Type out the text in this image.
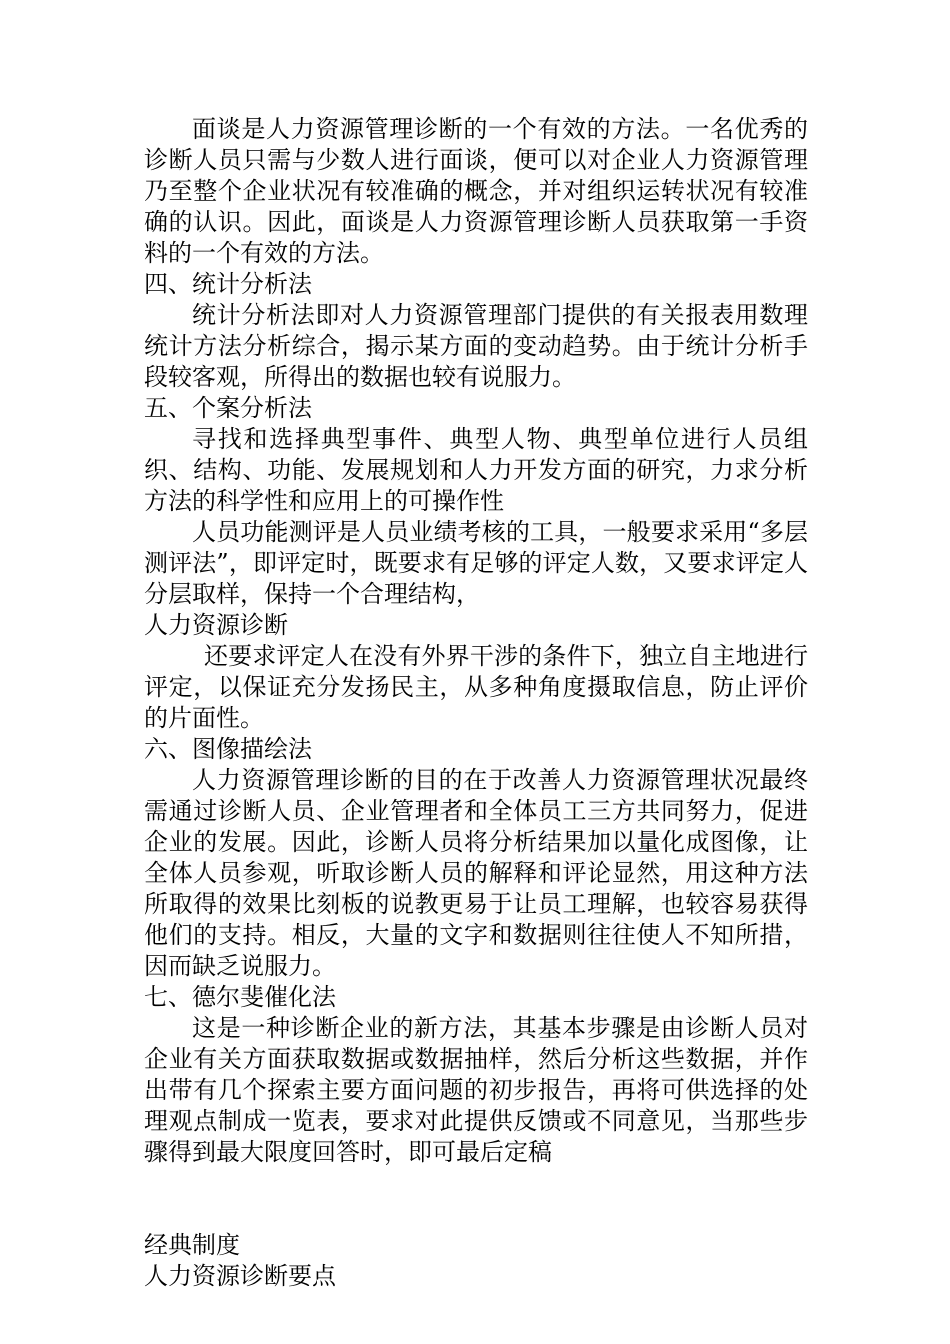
面谈是人力资源管理诊断的一个有效的方法。一名优秀的诊断人员只需与少数人进行面谈，便可以对企业人力资源管理乃至整个企业状况有较准确的概念，并对组织运转状况有较准确的认识。因此，面谈是人力资源管理诊断人员获取第一手资料的一个有效的方法。

四、统计分析法

统计分析法即对人力资源管理部门提供的有关报表用数理统计方法分析综合，揭示某方面的变动趋势。由于统计分析手段较客观，所得出的数据也较有说服力。

五、个案分析法

寻找和选择典型事件、典型人物、典型单位进行人员组织、结构、功能、发展规划和人力开发方面的研究，力求分析方法的科学性和应用上的可操作性

人员功能测评是人员业绩考核的工具，一般要求采用“多层测评法”，即评定时，既要求有足够的评定人数，又要求评定人分层取样，保持一个合理结构，

人力资源诊断

还要求评定人在没有外界干涉的条件下，独立自主地进行评定，以保证充分发扬民主，从多种角度摄取信息，防止评价的片面性。

六、图像描绘法

人力资源管理诊断的目的在于改善人力资源管理状况最终需通过诊断人员、企业管理者和全体员工三方共同努力，促进企业的发展。因此，诊断人员将分析结果加以量化成图像，让全体人员参观，听取诊断人员的解释和评论显然，用这种方法所取得的效果比刻板的说教更易于让员工理解，也较容易获得他们的支持。相反，大量的文字和数据则往往使人不知所措，因而缺乏说服力。

七、德尔斐催化法

这是一种诊断企业的新方法，其基本步骤是由诊断人员对企业有关方面获取数据或数据抽样，然后分析这些数据，并作出带有几个探索主要方面问题的初步报告，再将可供选择的处理观点制成一览表，要求对此提供反馈或不同意见，当那些步骤得到最大限度回答时，即可最后定稿

经典制度

人力资源诊断要点
